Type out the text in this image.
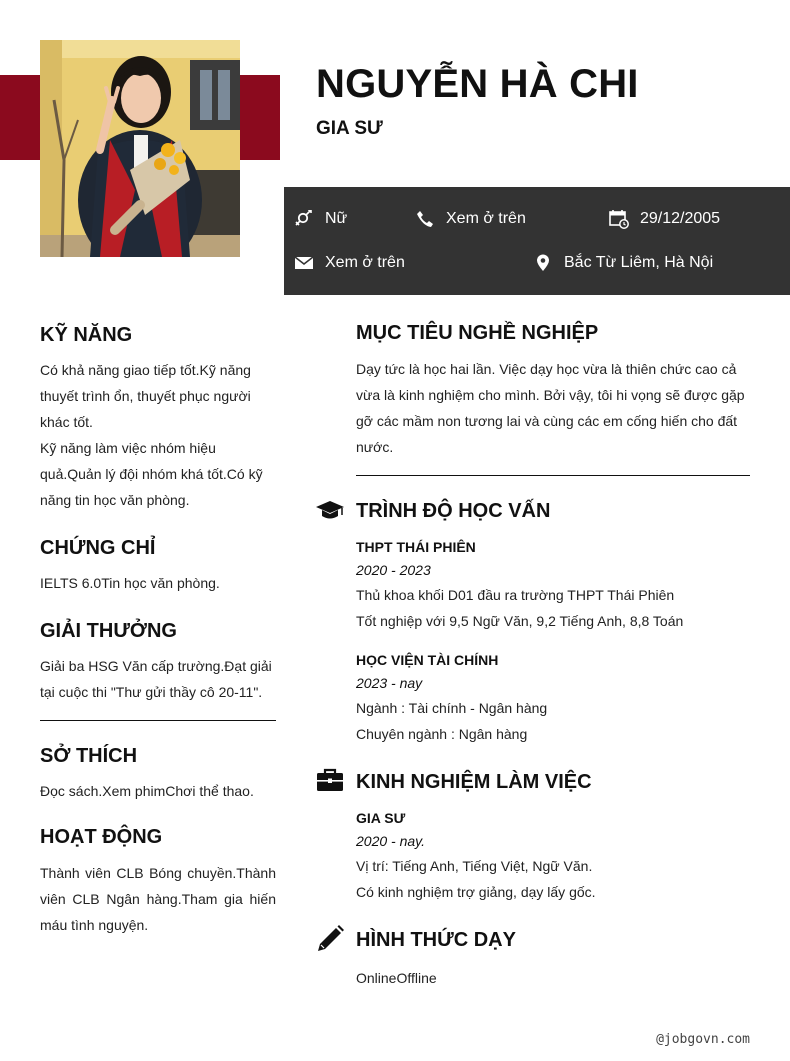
NGUYỄN HÀ CHI
GIA SƯ
Nữ	Xem ở trên	29/12/2005
Xem ở trên	Bắc Từ Liêm, Hà Nội
KỸ NĂNG
Có khả năng giao tiếp tốt.Kỹ năng
thuyết trình ổn, thuyết phục người
khác tốt.
Kỹ năng làm việc nhóm hiệu
quả.Quản lý đội nhóm khá tốt.Có kỹ
năng tin học văn phòng.
CHỨNG CHỈ
IELTS 6.0Tin học văn phòng.
GIẢI THƯỞNG
Giải ba HSG Văn cấp trường.Đạt giải
tại cuộc thi "Thư gửi thầy cô 20-11".
SỞ THÍCH
Đọc sách.Xem phimChơi thể thao.
HOẠT ĐỘNG
Thành viên CLB Bóng chuyền.Thành viên CLB Ngân hàng.Tham gia hiến máu tình nguyện.
MỤC TIÊU NGHỀ NGHIỆP
Dạy tức là học hai lần. Việc dạy học vừa là thiên chức cao cả
vừa là kinh nghiệm cho mình. Bởi vậy, tôi hi vọng sẽ được gặp
gỡ các mầm non tương lai và cùng các em cống hiến cho đất
nước.
TRÌNH ĐỘ HỌC VẤN
THPT THÁI PHIÊN
2020 - 2023
Thủ khoa khối D01 đầu ra trường THPT Thái Phiên
Tốt nghiệp với 9,5 Ngữ Văn, 9,2 Tiếng Anh, 8,8 Toán
HỌC VIỆN TÀI CHÍNH
2023 - nay
Ngành : Tài chính - Ngân hàng
Chuyên ngành : Ngân hàng
KINH NGHIỆM LÀM VIỆC
GIA SƯ
2020 - nay.
Vị trí: Tiếng Anh, Tiếng Việt, Ngữ Văn.
Có kinh nghiệm trợ giảng, dạy lấy gốc.
HÌNH THỨC DẠY
OnlineOffline
@jobgovn.com
